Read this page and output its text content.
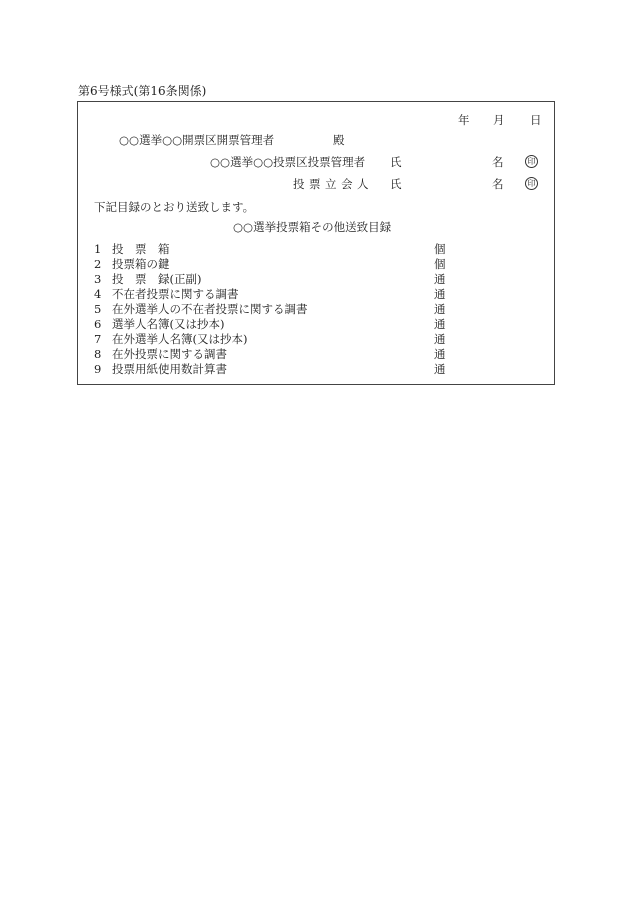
第6号様式(第16条関係)
年 月 日
○○選挙○○開票区開票管理者	殿
○○選挙○○投票区投票管理者 氏	名	印
投票立会人 氏	名	印
下記目録のとおり送致します。
○○選挙投票箱その他送致目録
1 投　票　箱	個
2 投票箱の鍵	個
3 投　票　録(正副)	通
4 不在者投票に関する調書	通
5 在外選挙人の不在者投票に関する調書	通
6 選挙人名簿(又は抄本)	通
7 在外選挙人名簿(又は抄本)	通
8 在外投票に関する調書	通
9 投票用紙使用数計算書	通
